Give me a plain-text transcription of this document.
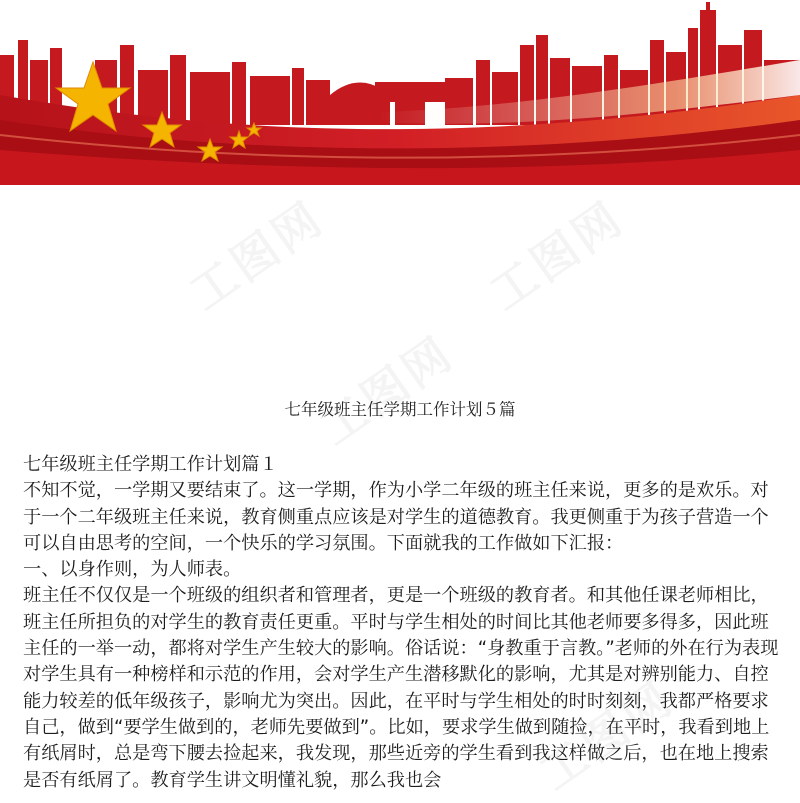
七年级班主任学期工作计划５篇

七年级班主任学期工作计划篇１

不知不觉，一学期又要结束了。这一学期，作为小学二年级的班主任来说，更多的是欢乐。对于一个二年级班主任来说，教育侧重点应该是对学生的道德教育。我更侧重于为孩子营造一个可以自由思考的空间，一个快乐的学习氛围。下面就我的工作做如下汇报：

一、以身作则，为人师表。

班主任不仅仅是一个班级的组织者和管理者，更是一个班级的教育者。和其他任课老师相比，班主任所担负的对学生的教育责任更重。平时与学生相处的时间比其他老师要多得多，因此班主任的一举一动，都将对学生产生较大的影响。俗话说：“身教重于言教。”老师的外在行为表现对学生具有一种榜样和示范的作用，会对学生产生潜移默化的影响，尤其是对辨别能力、自控能力较差的低年级孩子，影响尤为突出。因此，在平时与学生相处的时时刻刻，我都严格要求自己，做到“要学生做到的，老师先要做到”。比如，要求学生做到随捡，在平时，我看到地上有纸屑时，总是弯下腰去捡起来，我发现，那些近旁的学生看到我这样做之后，也在地上搜索是否有纸屑了。教育学生讲文明懂礼貌，那么我也会
